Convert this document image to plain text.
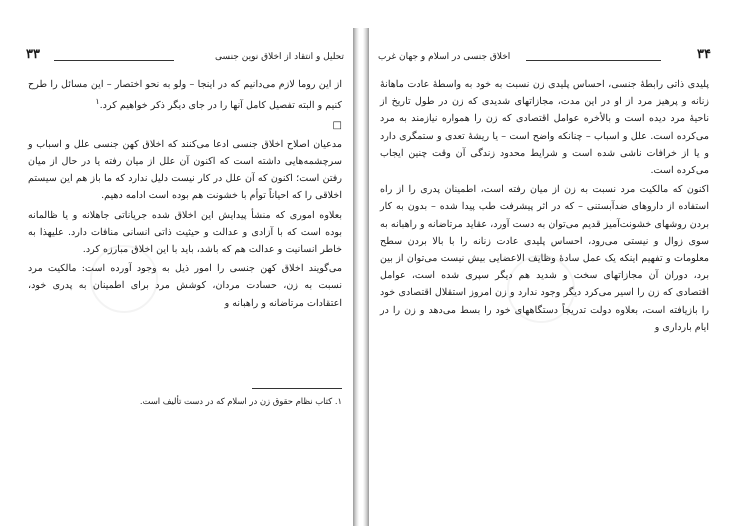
۳۳	تحلیل و انتقاد از اخلاق نوین جنسی

از این روما لازم می‌دانیم که در اینجا – ولو به نحو اختصار – این مسائل را طرح کنیم و البته تفصیل کامل آنها را در جای دیگر ذکر خواهیم کرد.$^۱$

□

مدعیان اصلاح اخلاق جنسی ادعا می‌کنند که اخلاق کهن جنسی علل و اسباب و سرچشمه‌هایی داشته است که اکنون آن علل از میان رفته یا در حال از میان رفتن است؛ اکنون که آن علل در کار نیست دلیل ندارد که ما باز هم این سیستم اخلاقی را که احیاناً توأم با خشونت هم بوده است ادامه دهیم.

بعلاوه اموری که منشأ پیدایش این اخلاق شده جریاناتی جاهلانه و یا ظالمانه بوده است که با آزادی و عدالت و حیثیت ذاتی انسانی منافات دارد. علیهذا به خاطر انسانیت و عدالت هم که باشد، باید با این اخلاق مبارزه کرد.

می‌گویند اخلاق کهن جنسی را امور ذیل به وجود آورده است: مالکیت مرد نسبت به زن، حسادت مردان، کوشش مرد برای اطمینان به پدری خود، اعتقادات مرتاضانه و راهبانه و

۱. کتاب نظام حقوق زن در اسلام که در دست تألیف است.
۳۴
اخلاق جنسی در اسلام و جهان غرب

پلیدی ذاتی رابطهٔ جنسی، احساس پلیدی زن نسبت به خود به واسطهٔ عادت ماهانهٔ زنانه و پرهیز مرد از او در این مدت، مجازاتهای شدیدی که زن در طول تاریخ از ناحیهٔ مرد دیده است و بالأخره عوامل اقتصادی که زن را همواره نیازمند به مرد می‌کرده است. علل و اسباب – چنانکه واضح است – یا ریشهٔ تعدی و ستمگری دارد و یا از خرافات ناشی شده است و شرایط محدود زندگی آن وقت چنین ایجاب می‌کرده است.

اکنون که مالکیت مرد نسبت به زن از میان رفته است، اطمینان پدری را از راه استفاده از داروهای ضدآبستنی – که در اثر پیشرفت طب پیدا شده – بدون به کار بردن روشهای خشونت‌آمیز قدیم می‌توان به دست آورد، عقاید مرتاضانه و راهبانه به سوی زوال و نیستی می‌رود، احساس پلیدی عادت زنانه را با بالا بردن سطح معلومات و تفهیم اینکه یک عمل سادهٔ وظایف الاعضایی بیش نیست می‌توان از بین برد، دوران آن مجازاتهای سخت و شدید هم دیگر سپری شده است، عوامل اقتصادی که زن را اسیر می‌کرد دیگر وجود ندارد و زن امروز استقلال اقتصادی خود را بازیافته است، بعلاوه دولت تدریجاً دستگاههای خود را بسط می‌دهد و زن را در ایام بارداری و
